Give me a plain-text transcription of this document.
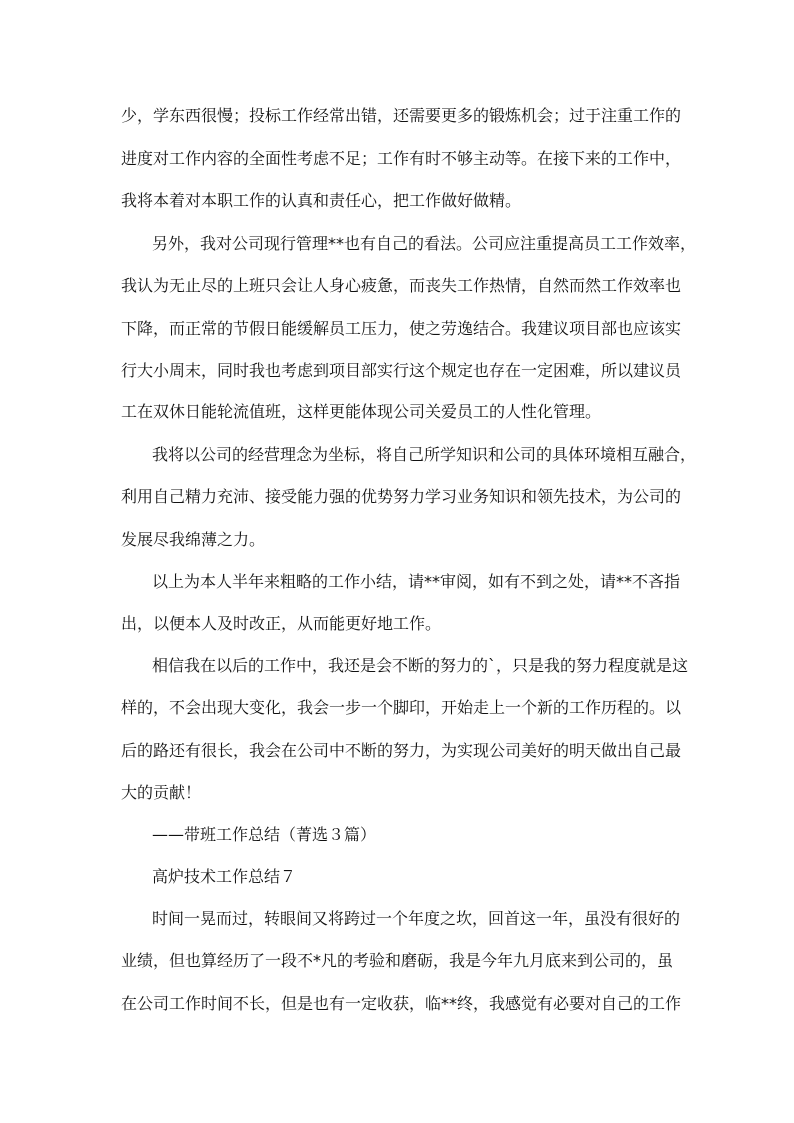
少，学东西很慢；投标工作经常出错，还需要更多的锻炼机会；过于注重工作的
进度对工作内容的全面性考虑不足；工作有时不够主动等。在接下来的工作中，
我将本着对本职工作的认真和责任心，把工作做好做精。
另外，我对公司现行管理**也有自己的看法。公司应注重提高员工工作效率，
我认为无止尽的上班只会让人身心疲惫，而丧失工作热情，自然而然工作效率也
下降，而正常的节假日能缓解员工压力，使之劳逸结合。我建议项目部也应该实
行大小周末，同时我也考虑到项目部实行这个规定也存在一定困难，所以建议员
工在双休日能轮流值班，这样更能体现公司关爱员工的人性化管理。
我将以公司的经营理念为坐标，将自己所学知识和公司的具体环境相互融合，
利用自己精力充沛、接受能力强的优势努力学习业务知识和领先技术，为公司的
发展尽我绵薄之力。
以上为本人半年来粗略的工作小结，请**审阅，如有不到之处，请**不吝指
出，以便本人及时改正，从而能更好地工作。
相信我在以后的工作中，我还是会不断的努力的`，只是我的努力程度就是这
样的，不会出现大变化，我会一步一个脚印，开始走上一个新的工作历程的。以
后的路还有很长，我会在公司中不断的努力，为实现公司美好的明天做出自己最
大的贡献！
——带班工作总结（菁选３篇）
高炉技术工作总结７
时间一晃而过，转眼间又将跨过一个年度之坎，回首这一年，虽没有很好的
业绩，但也算经历了一段不*凡的考验和磨砺，我是今年九月底来到公司的，虽
在公司工作时间不长，但是也有一定收获，临**终，我感觉有必要对自己的工作
